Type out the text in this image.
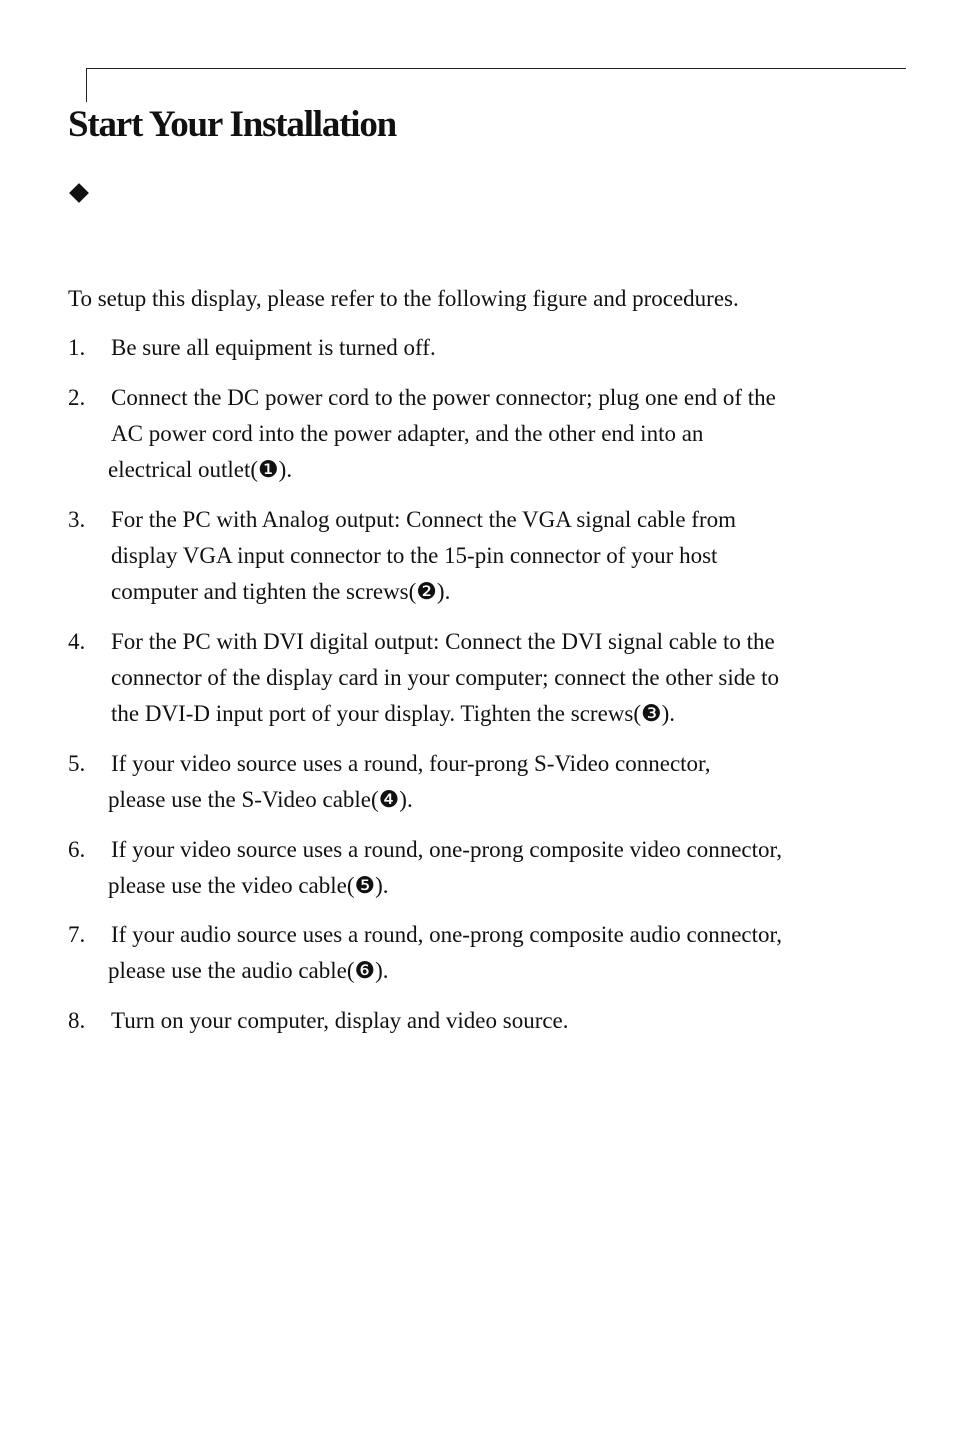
Start Your Installation

To setup this display, please refer to the following figure and procedures.

1. Be sure all equipment is turned off.
2. Connect the DC power cord to the power connector; plug one end of the
AC power cord into the power adapter, and the other end into an
electrical outlet(❶).
3. For the PC with Analog output: Connect the VGA signal cable from
display VGA input connector to the 15-pin connector of your host
computer and tighten the screws(❷).
4. For the PC with DVI digital output: Connect the DVI signal cable to the
connector of the display card in your computer; connect the other side to
the DVI-D input port of your display. Tighten the screws(❸).
5. If your video source uses a round, four-prong S-Video connector,
please use the S-Video cable(❹).
6. If your video source uses a round, one-prong composite video connector,
please use the video cable(❺).
7. If your audio source uses a round, one-prong composite audio connector,
please use the audio cable(❻).
8. Turn on your computer, display and video source.
